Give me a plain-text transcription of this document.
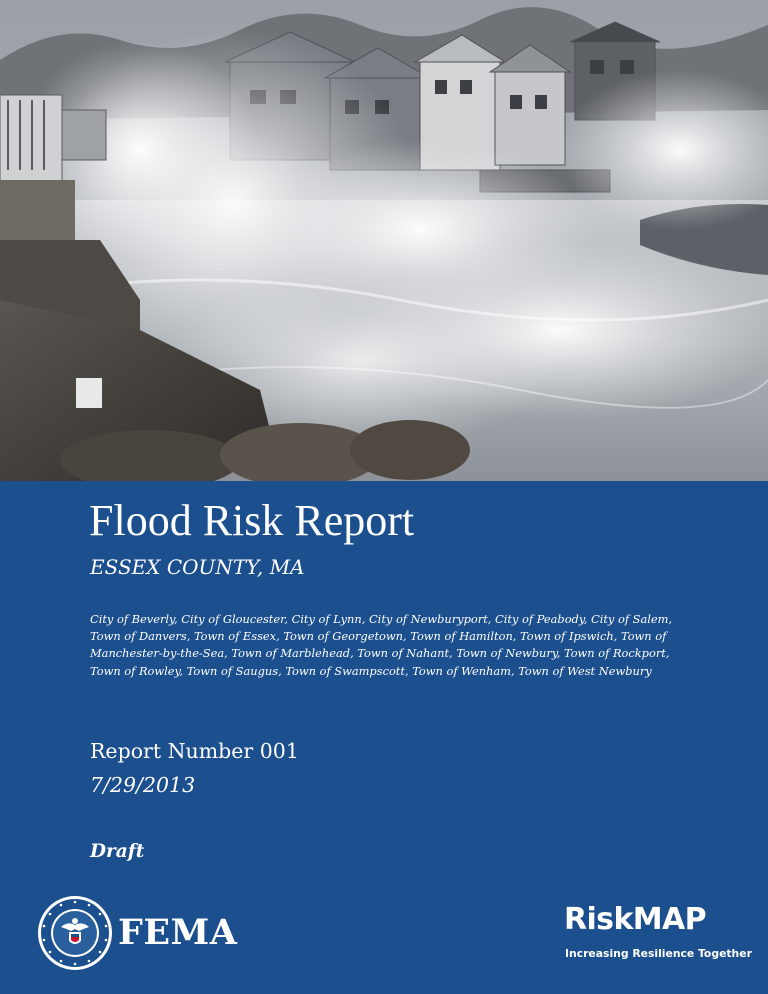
Flood Risk Report
ESSEX COUNTY, MA
City of Beverly, City of Gloucester, City of Lynn, City of Newburyport, City of Peabody, City of Salem, Town of Danvers, Town of Essex, Town of Georgetown, Town of Hamilton, Town of Ipswich, Town of Manchester-by-the-Sea, Town of Marblehead, Town of Nahant, Town of Newbury, Town of Rockport, Town of Rowley, Town of Saugus, Town of Swampscott, Town of Wenham, Town of West Newbury
Report Number 001
7/29/2013
Draft
FEMA	RiskMAP
Increasing Resilience Together
